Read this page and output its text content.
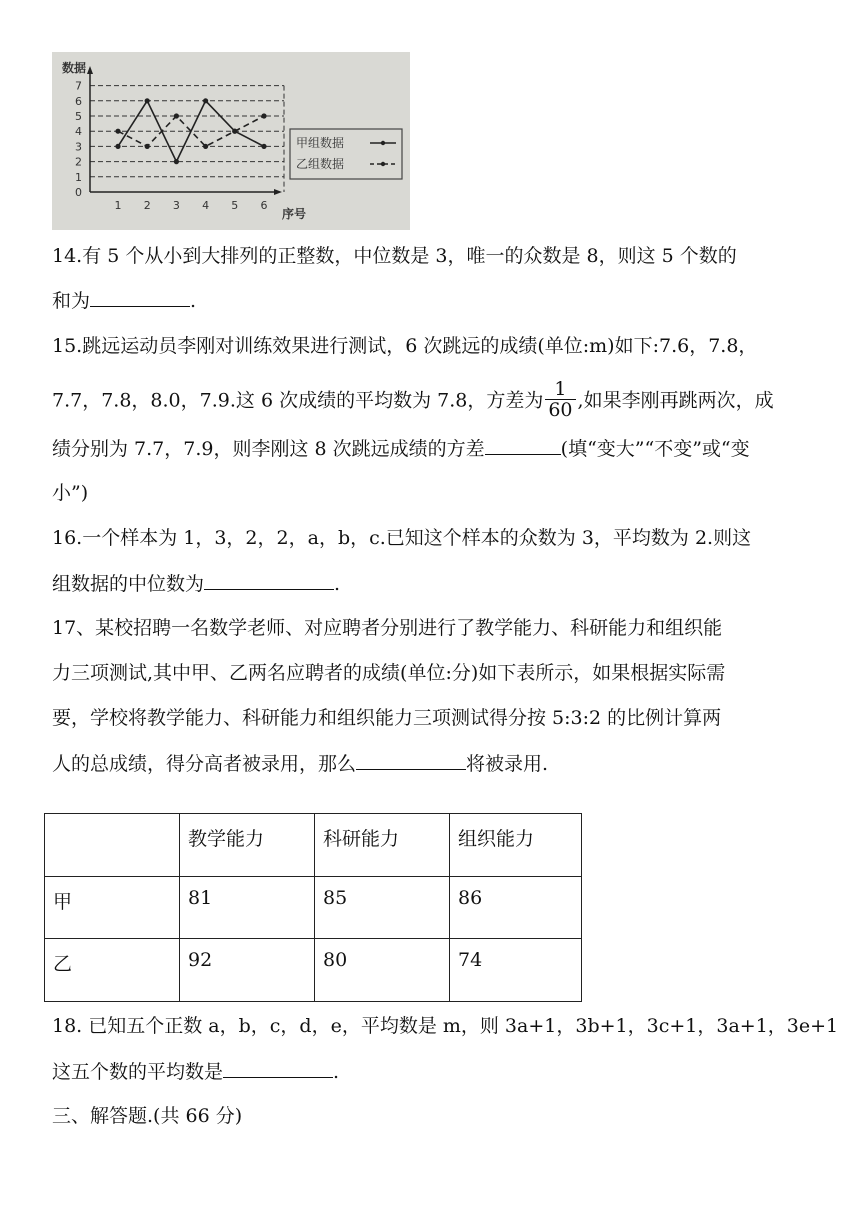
0
1
2
3
4
5
6
7
1 2 3 4 5 6
数据
序号
甲组数据
乙组数据
14.有 5 个从小到大排列的正整数，中位数是 3，唯一的众数是 8，则这 5 个数的
和为	.
15.跳远运动员李刚对训练效果进行测试，6 次跳远的成绩(单位:m)如下:7.6，7.8，
7.7，7.8，8.0，7.9.这 6 次成绩的平均数为 7.8，方差为 $\frac{1}{60}$ ,如果李刚再跳两次，成
绩分别为 7.7，7.9，则李刚这 8 次跳远成绩的方差	(填“变大”“不变”或“变
小”)
16.一个样本为 1，3，2，2，a，b，c.已知这个样本的众数为 3，平均数为 2.则这
组数据的中位数为	.
17、某校招聘一名数学老师、对应聘者分别进行了教学能力、科研能力和组织能
力三项测试,其中甲、乙两名应聘者的成绩(单位:分)如下表所示，如果根据实际需
要，学校将教学能力、科研能力和组织能力三项测试得分按 5:3:2 的比例计算两
人的总成绩，得分高者被录用，那么	将被录用.
	教学能力	科研能力	组织能力
甲	81	85	86
乙	92	80	74
18. 已知五个正数 a，b，c，d，e，平均数是 m，则 3a+1，3b+1，3c+1，3a+1，3e+1
这五个数的平均数是	.
三、解答题.(共 66 分)
